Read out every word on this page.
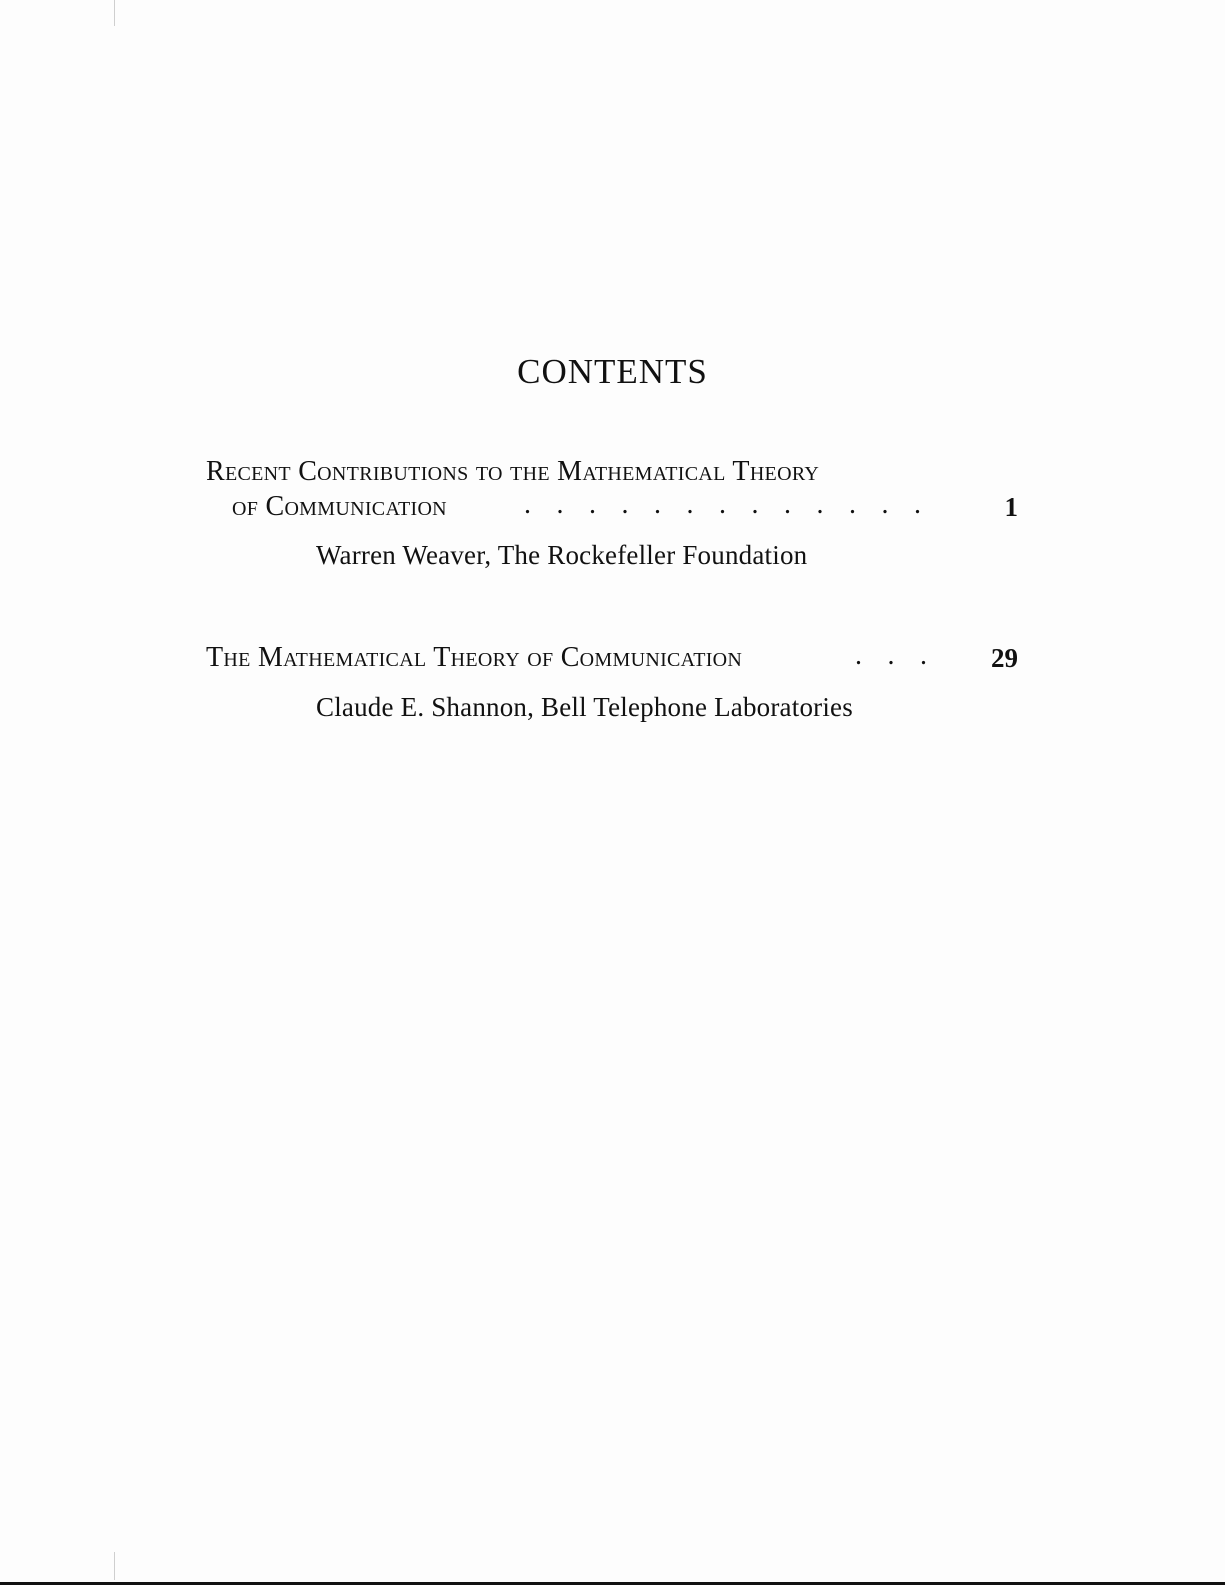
CONTENTS
Recent Contributions to the Mathematical Theory
of Communication	. . . . . . . . . . . . .	1
Warren Weaver, The Rockefeller Foundation
The Mathematical Theory of Communication	. . .	29
Claude E. Shannon, Bell Telephone Laboratories
